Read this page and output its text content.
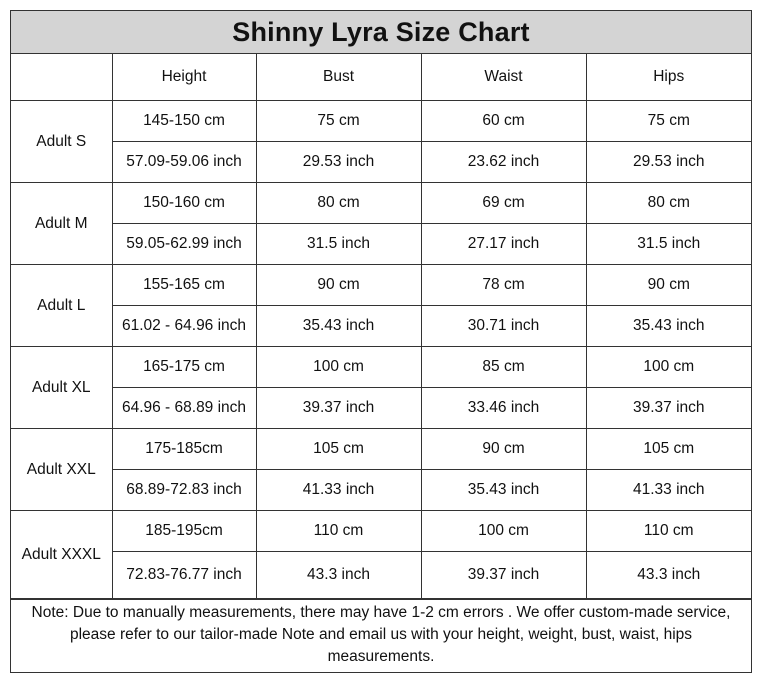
Shinny Lyra Size Chart
	Height	Bust	Waist	Hips
Adult S	145-150 cm	75 cm	60 cm	75 cm
	57.09-59.06 inch	29.53 inch	23.62 inch	29.53 inch
Adult M	150-160 cm	80 cm	69 cm	80 cm
	59.05-62.99 inch	31.5 inch	27.17 inch	31.5 inch
Adult L	155-165 cm	90 cm	78 cm	90 cm
	61.02 - 64.96 inch	35.43 inch	30.71 inch	35.43 inch
Adult XL	165-175 cm	100 cm	85 cm	100 cm
	64.96 - 68.89 inch	39.37 inch	33.46 inch	39.37 inch
Adult XXL	175-185cm	105 cm	90 cm	105 cm
	68.89-72.83 inch	41.33 inch	35.43 inch	41.33 inch
Adult XXXL	185-195cm	110 cm	100 cm	110 cm
	72.83-76.77 inch	43.3 inch	39.37 inch	43.3 inch
Note: Due to manually measurements, there may have 1-2 cm errors . We offer custom-made service, please refer to our tailor-made Note and email us with your height, weight, bust, waist, hips measurements.
